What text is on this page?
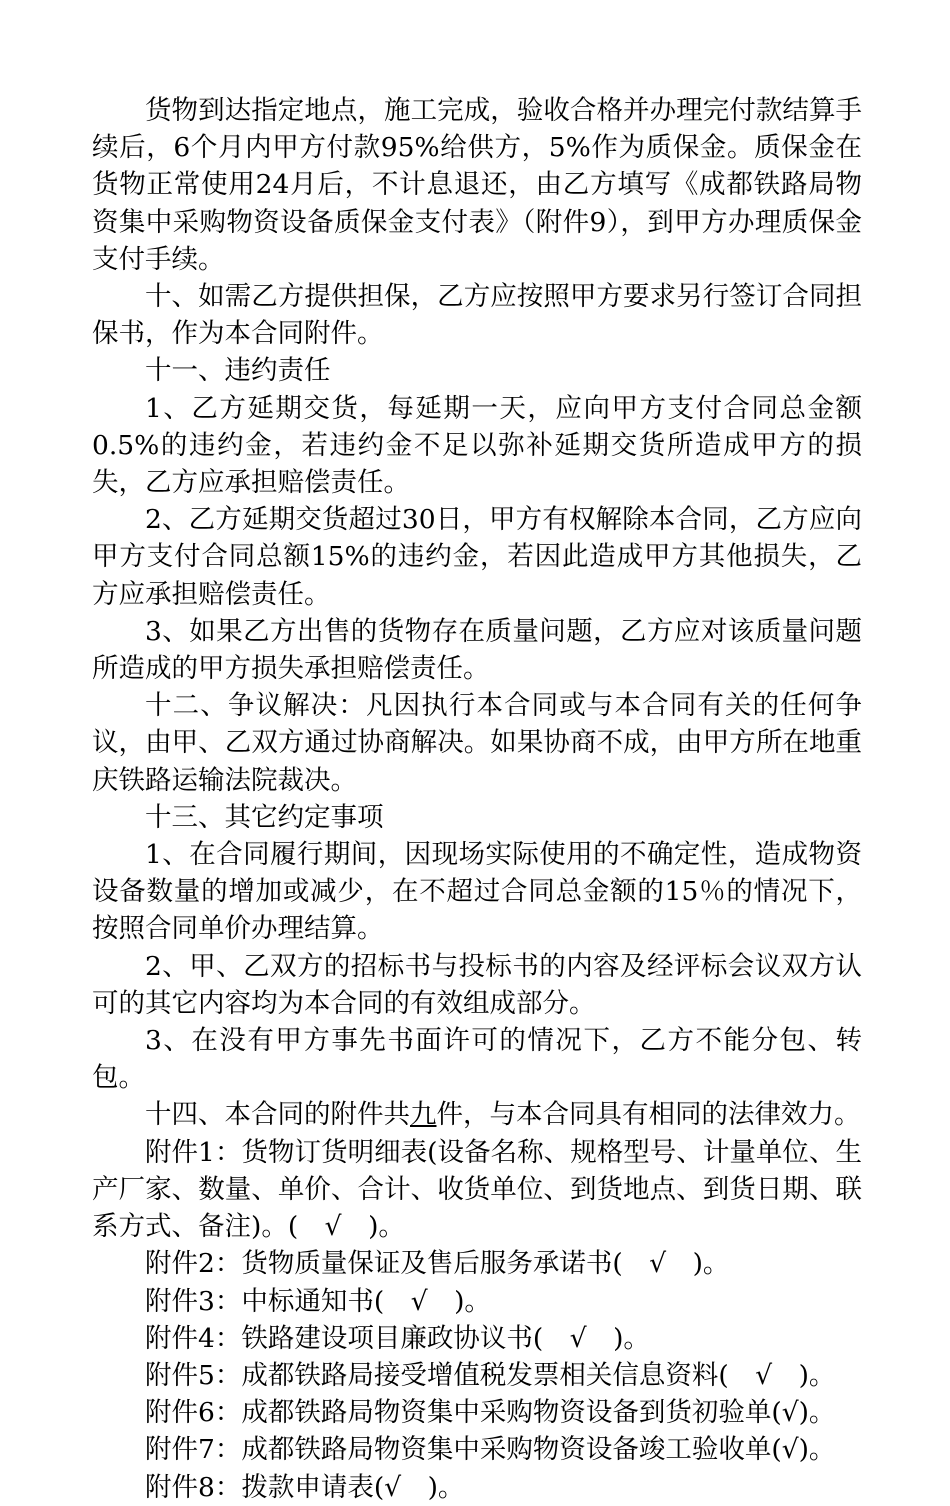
货物到达指定地点，施工完成，验收合格并办理完付款结算手续后，6个月内甲方付款95%给供方，5%作为质保金。质保金在货物正常使用24月后，不计息退还，由乙方填写《成都铁路局物资集中采购物资设备质保金支付表》（附件9），到甲方办理质保金支付手续。

十、如需乙方提供担保，乙方应按照甲方要求另行签订合同担保书，作为本合同附件。

十一、违约责任

1、乙方延期交货，每延期一天，应向甲方支付合同总金额0.5%的违约金，若违约金不足以弥补延期交货所造成甲方的损失，乙方应承担赔偿责任。

2、乙方延期交货超过30日，甲方有权解除本合同，乙方应向甲方支付合同总额15%的违约金，若因此造成甲方其他损失，乙方应承担赔偿责任。

3、如果乙方出售的货物存在质量问题，乙方应对该质量问题所造成的甲方损失承担赔偿责任。

十二、争议解决：凡因执行本合同或与本合同有关的任何争议，由甲、乙双方通过协商解决。如果协商不成，由甲方所在地重庆铁路运输法院裁决。

十三、其它约定事项

1、在合同履行期间，因现场实际使用的不确定性，造成物资设备数量的增加或减少，在不超过合同总金额的15％的情况下，按照合同单价办理结算。

2、甲、乙双方的招标书与投标书的内容及经评标会议双方认可的其它内容均为本合同的有效组成部分。

3、在没有甲方事先书面许可的情况下，乙方不能分包、转包。

十四、本合同的附件共九件，与本合同具有相同的法律效力。

附件1：货物订货明细表(设备名称、规格型号、计量单位、生产厂家、数量、单价、合计、收货单位、到货地点、到货日期、联系方式、备注)。(　√　)。

附件2：货物质量保证及售后服务承诺书(　√　)。

附件3：中标通知书(　√　)。

附件4：铁路建设项目廉政协议书(　√　)。

附件5：成都铁路局接受增值税发票相关信息资料(　√　)。

附件6：成都铁路局物资集中采购物资设备到货初验单(√)。

附件7：成都铁路局物资集中采购物资设备竣工验收单(√)。

附件8：拨款申请表(√　)。
